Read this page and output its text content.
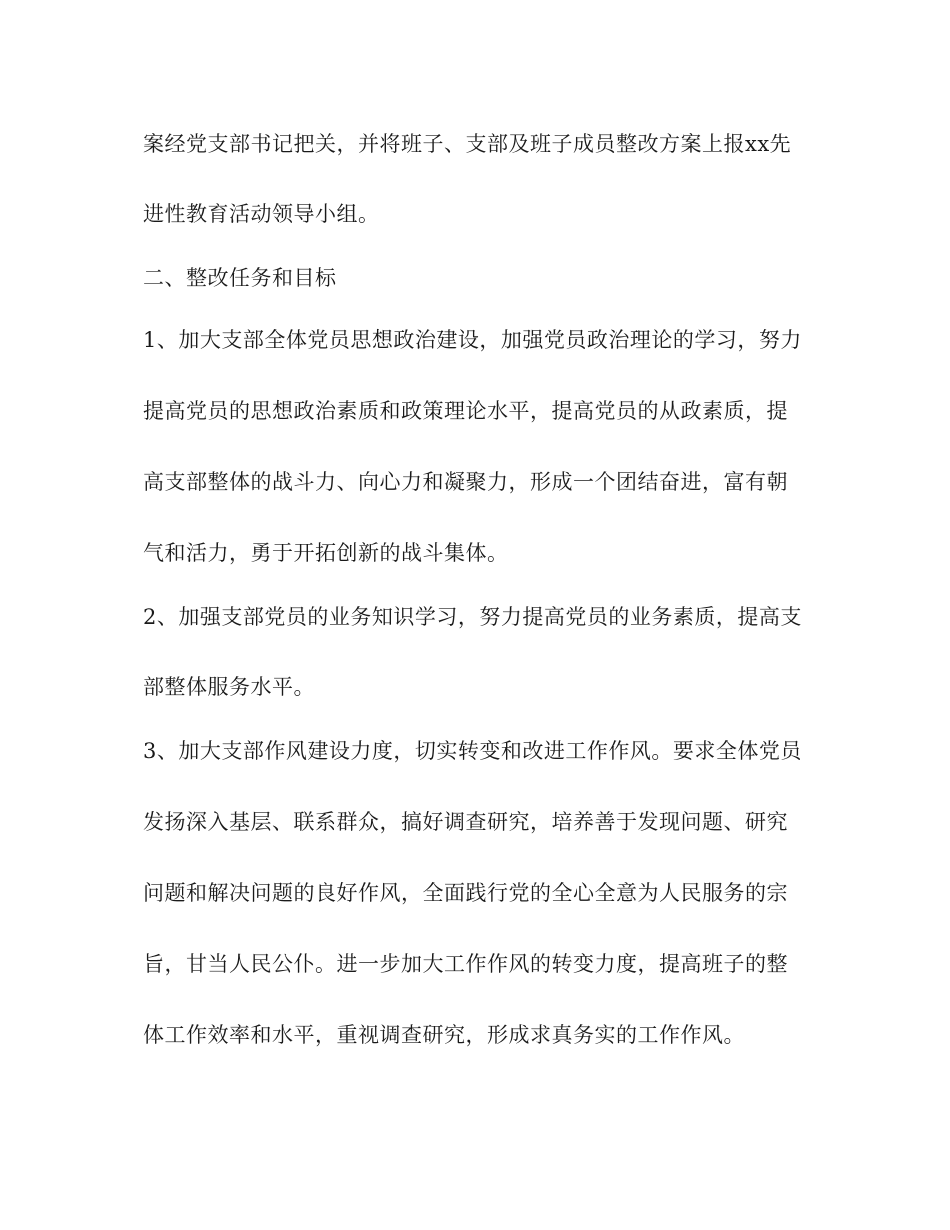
案经党支部书记把关，并将班子、支部及班子成员整改方案上报xx先
进性教育活动领导小组。
二、整改任务和目标
1、加大支部全体党员思想政治建设，加强党员政治理论的学习，努力
提高党员的思想政治素质和政策理论水平，提高党员的从政素质，提
高支部整体的战斗力、向心力和凝聚力，形成一个团结奋进，富有朝
气和活力，勇于开拓创新的战斗集体。
2、加强支部党员的业务知识学习，努力提高党员的业务素质，提高支
部整体服务水平。
3、加大支部作风建设力度，切实转变和改进工作作风。要求全体党员
发扬深入基层、联系群众，搞好调查研究，培养善于发现问题、研究
问题和解决问题的良好作风，全面践行党的全心全意为人民服务的宗
旨，甘当人民公仆。进一步加大工作作风的转变力度，提高班子的整
体工作效率和水平，重视调查研究，形成求真务实的工作作风。
